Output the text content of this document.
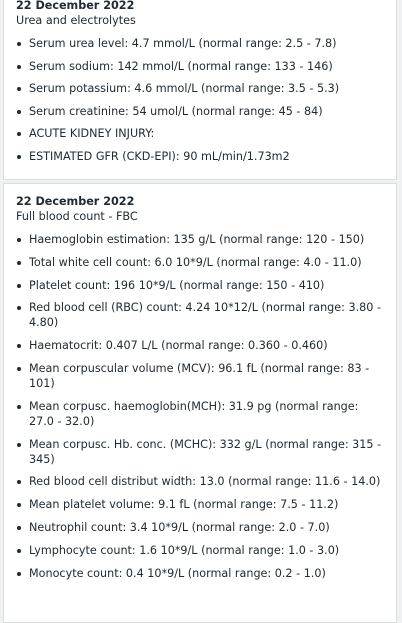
22 December 2022
Urea and electrolytes
Serum urea level: 4.7 mmol/L (normal range: 2.5 - 7.8)
Serum sodium: 142 mmol/L (normal range: 133 - 146)
Serum potassium: 4.6 mmol/L (normal range: 3.5 - 5.3)
Serum creatinine: 54 umol/L (normal range: 45 - 84)
ACUTE KIDNEY INJURY:
ESTIMATED GFR (CKD-EPI): 90 mL/min/1.73m2
22 December 2022
Full blood count - FBC
Haemoglobin estimation: 135 g/L (normal range: 120 - 150)
Total white cell count: 6.0 10*9/L (normal range: 4.0 - 11.0)
Platelet count: 196 10*9/L (normal range: 150 - 410)
Red blood cell (RBC) count: 4.24 10*12/L (normal range: 3.80 - 4.80)
Haematocrit: 0.407 L/L (normal range: 0.360 - 0.460)
Mean corpuscular volume (MCV): 96.1 fL (normal range: 83 - 101)
Mean corpusc. haemoglobin(MCH): 31.9 pg (normal range: 27.0 - 32.0)
Mean corpusc. Hb. conc. (MCHC): 332 g/L (normal range: 315 - 345)
Red blood cell distribut width: 13.0 (normal range: 11.6 - 14.0)
Mean platelet volume: 9.1 fL (normal range: 7.5 - 11.2)
Neutrophil count: 3.4 10*9/L (normal range: 2.0 - 7.0)
Lymphocyte count: 1.6 10*9/L (normal range: 1.0 - 3.0)
Monocyte count: 0.4 10*9/L (normal range: 0.2 - 1.0)
